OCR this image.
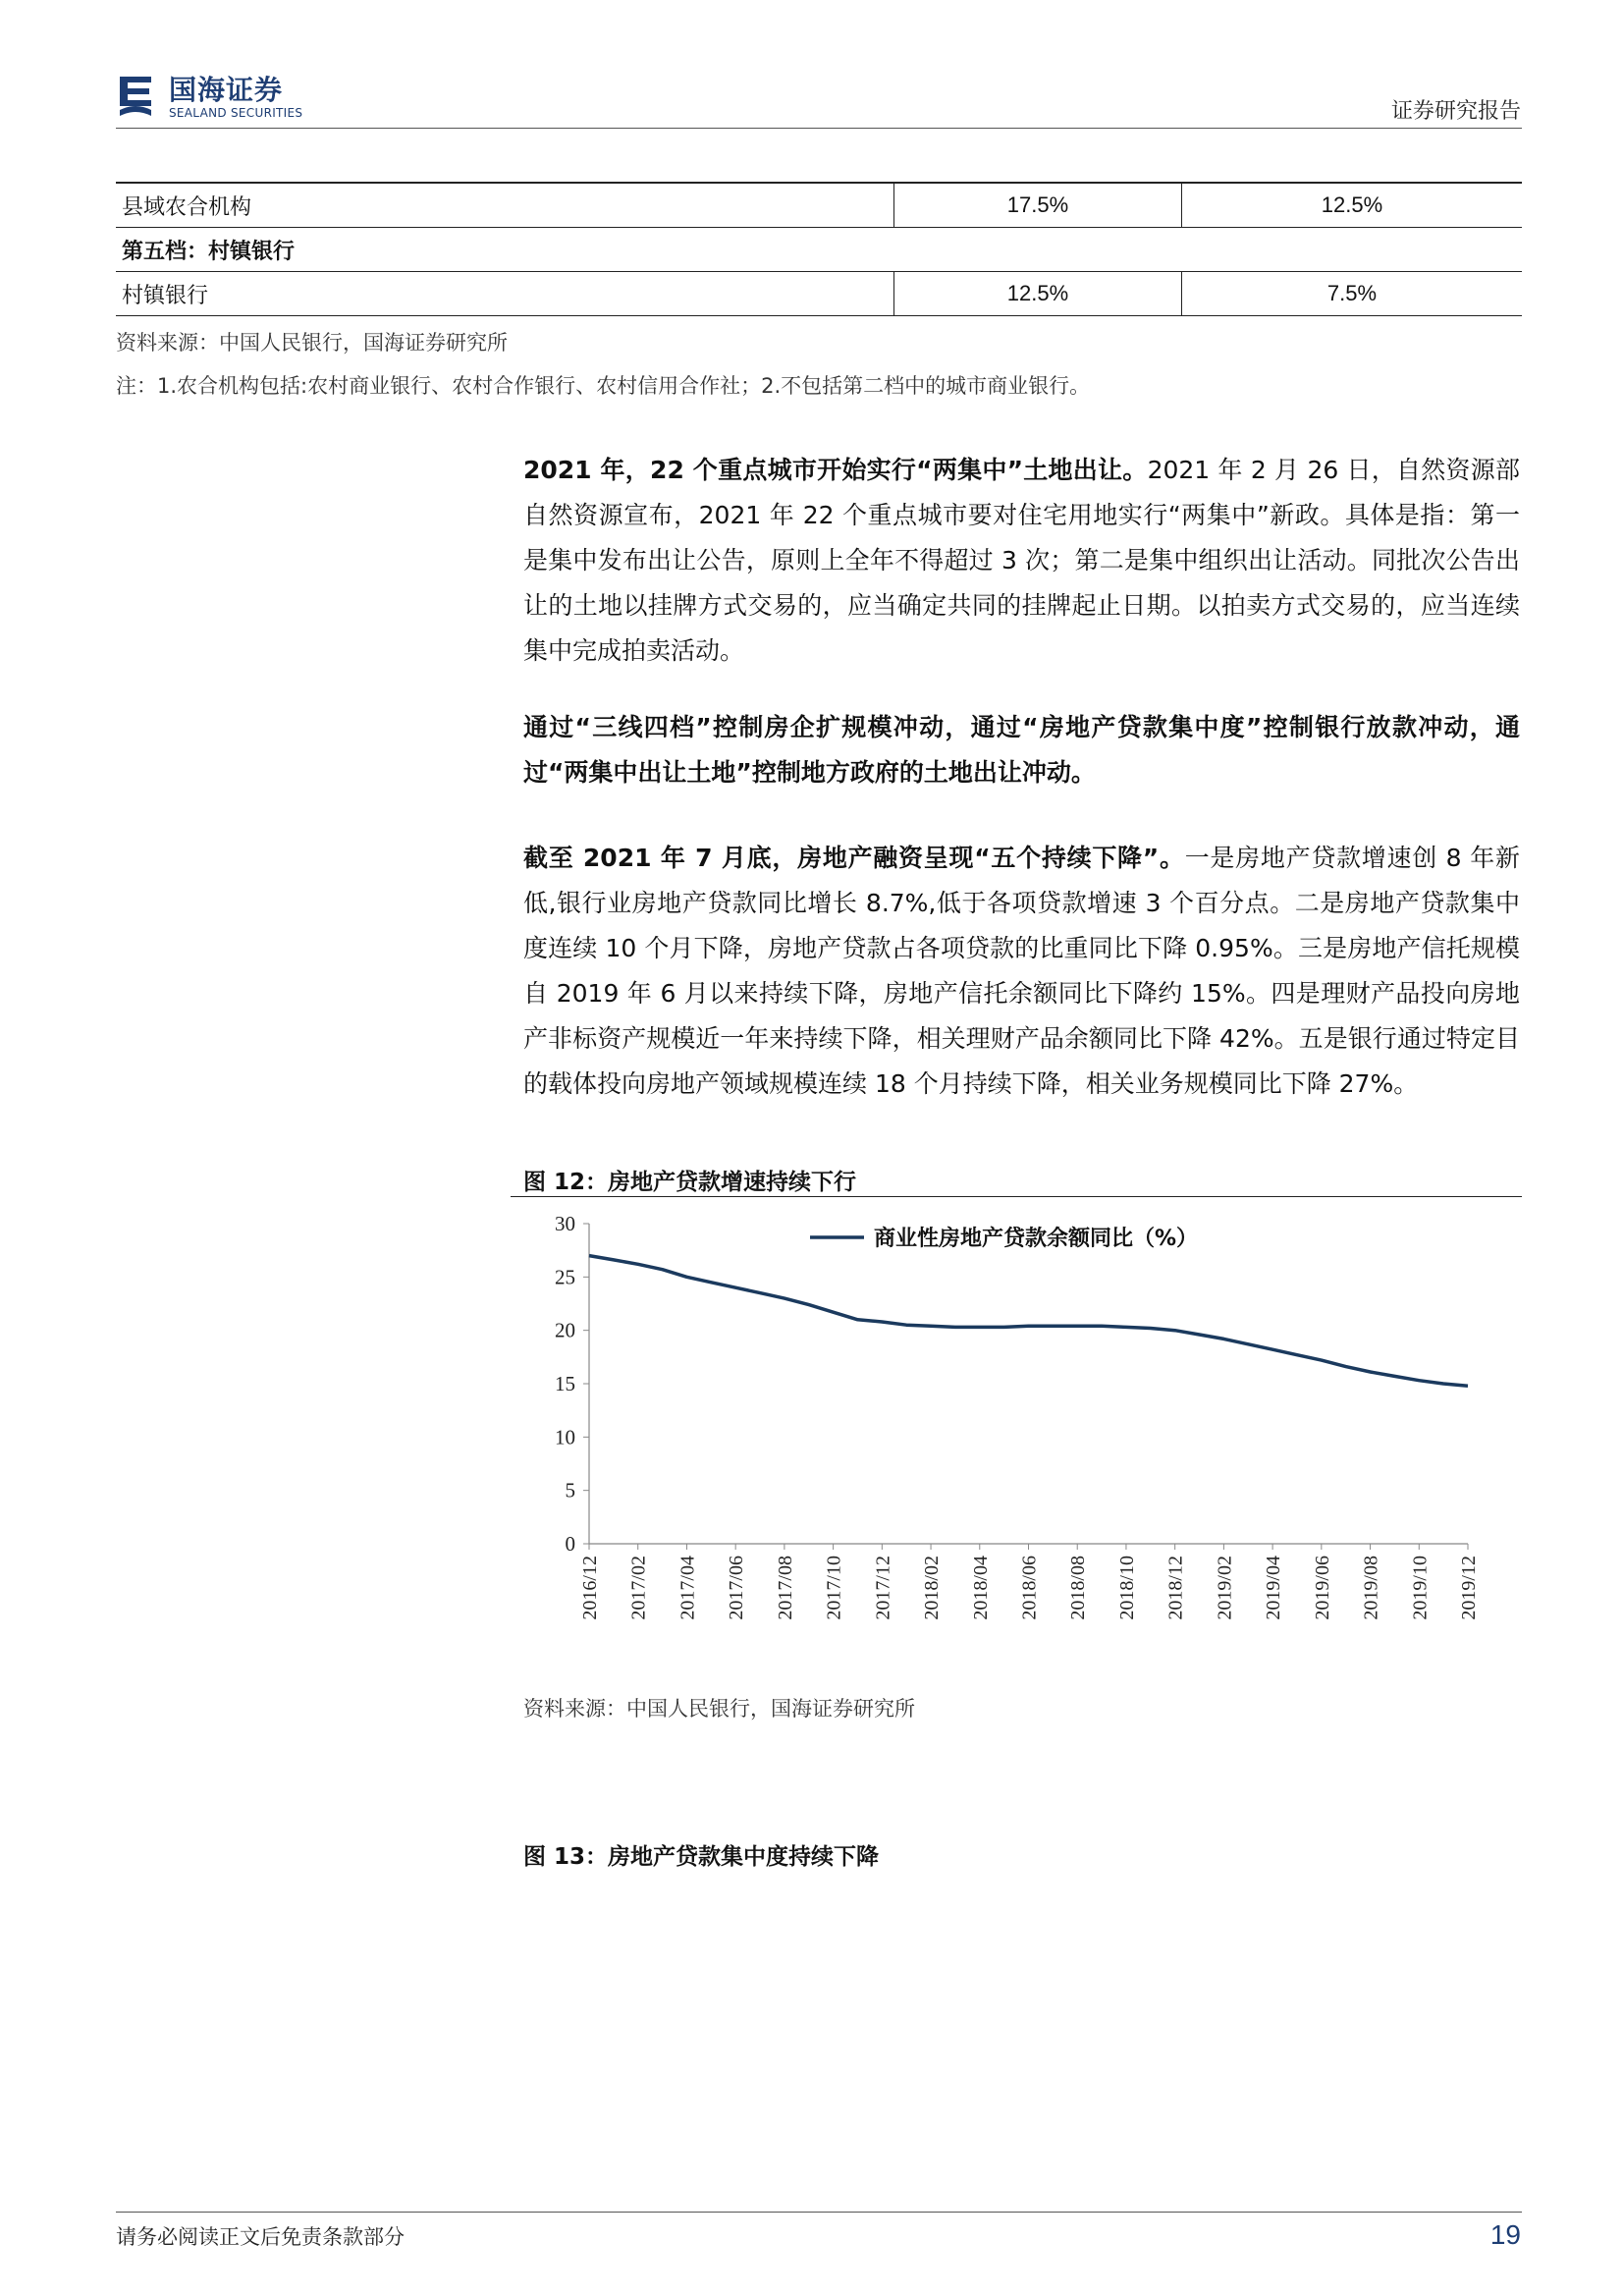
国海证券
SEALAND SECURITIES	证券研究报告
县域农合机构	17.5%	12.5%
第五档：村镇银行		
村镇银行	12.5%	7.5%
资料来源：中国人民银行，国海证券研究所
注：1.农合机构包括:农村商业银行、农村合作银行、农村信用合作社；2.不包括第二档中的城市商业银行。
2021 年，22 个重点城市开始实行“两集中”土地出让。2021 年 2 月 26 日，自然资源部自然资源宣布，2021 年 22 个重点城市要对住宅用地实行“两集中”新政。具体是指：第一是集中发布出让公告，原则上全年不得超过 3 次；第二是集中组织出让活动。同批次公告出让的土地以挂牌方式交易的，应当确定共同的挂牌起止日期。以拍卖方式交易的，应当连续集中完成拍卖活动。
通过“三线四档”控制房企扩规模冲动，通过“房地产贷款集中度”控制银行放款冲动，通过“两集中出让土地”控制地方政府的土地出让冲动。
截至 2021 年 7 月底，房地产融资呈现“五个持续下降”。一是房地产贷款增速创 8 年新低,银行业房地产贷款同比增长 8.7%,低于各项贷款增速 3 个百分点。二是房地产贷款集中度连续 10 个月下降，房地产贷款占各项贷款的比重同比下降 0.95%。三是房地产信托规模自 2019 年 6 月以来持续下降，房地产信托余额同比下降约 15%。四是理财产品投向房地产非标资产规模近一年来持续下降，相关理财产品余额同比下降 42%。五是银行通过特定目的载体投向房地产领域规模连续 18 个月持续下降，相关业务规模同比下降 27%。
图 12：房地产贷款增速持续下行
0
5
10
15
20
25
30
2016/12 2017/02 2017/04 2017/06 2017/08 2017/10 2017/12 2018/02 2018/04 2018/06 2018/08 2018/10 2018/12 2019/02 2019/04 2019/06 2019/08 2019/10 2019/12
商业性房地产贷款余额同比（%）
资料来源：中国人民银行，国海证券研究所
图 13：房地产贷款集中度持续下降
请务必阅读正文后免责条款部分	19
